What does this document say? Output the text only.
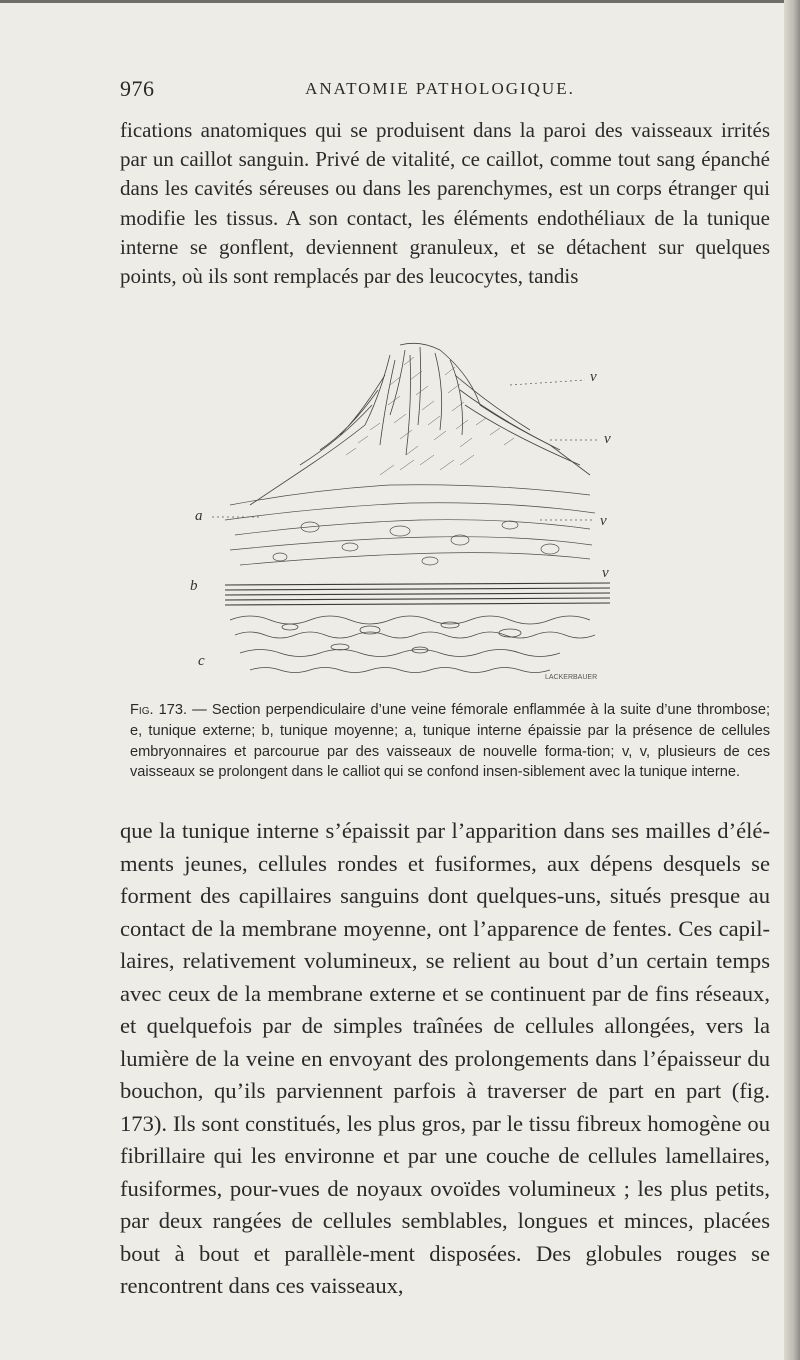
976	ANATOMIE PATHOLOGIQUE.
fications anatomiques qui se produisent dans la paroi des vaisseaux irrités par un caillot sanguin. Privé de vitalité, ce caillot, comme tout sang épanché dans les cavités séreuses ou dans les parenchymes, est un corps étranger qui modifie les tissus. A son contact, les éléments endothéliaux de la tunique interne se gonflent, deviennent granuleux, et se détachent sur quelques points, où ils sont remplacés par des leucocytes, tandis
v
v
v
v
a
b
c
LACKERBAUER
Fig. 173. — Section perpendiculaire d’une veine fémorale enflammée à la suite d’une thrombose; e, tunique externe; b, tunique moyenne; a, tunique interne épaissie par la présence de cellules embryonnaires et parcourue par des vaisseaux de nouvelle forma-tion; v, v, plusieurs de ces vaisseaux se prolongent dans le calliot qui se confond insen-siblement avec la tunique interne.
que la tunique interne s’épaissit par l’apparition dans ses mailles d’élé-ments jeunes, cellules rondes et fusiformes, aux dépens desquels se forment des capillaires sanguins dont quelques-uns, situés presque au contact de la membrane moyenne, ont l’apparence de fentes. Ces capil-laires, relativement volumineux, se relient au bout d’un certain temps avec ceux de la membrane externe et se continuent par de fins réseaux, et quelquefois par de simples traînées de cellules allongées, vers la lumière de la veine en envoyant des prolongements dans l’épaisseur du bouchon, qu’ils parviennent parfois à traverser de part en part (fig. 173). Ils sont constitués, les plus gros, par le tissu fibreux homogène ou fibrillaire qui les environne et par une couche de cellules lamellaires, fusiformes, pour-vues de noyaux ovoïdes volumineux ; les plus petits, par deux rangées de cellules semblables, longues et minces, placées bout à bout et parallèle-ment disposées. Des globules rouges se rencontrent dans ces vaisseaux,
